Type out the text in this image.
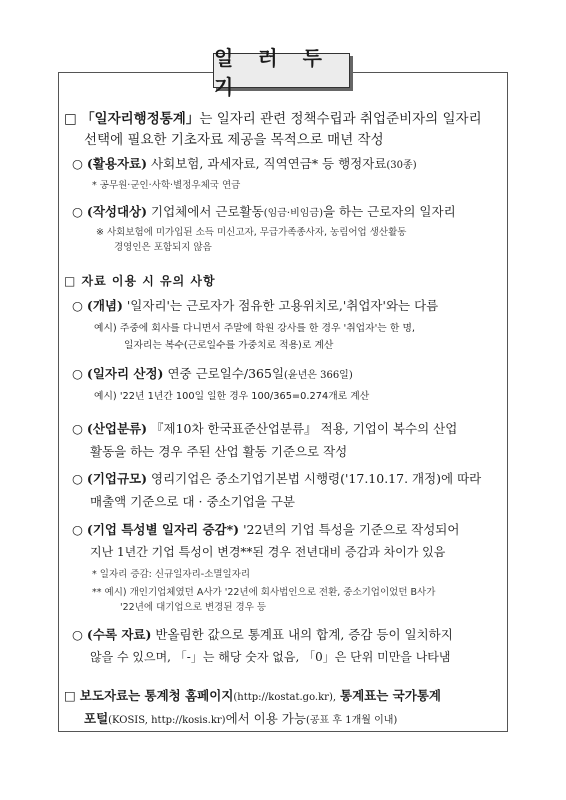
일 러 두 기
□ 「일자리행정통계」는 일자리 관련 정책수립과 취업준비자의 일자리
선택에 필요한 기초자료 제공을 목적으로 매년 작성
○ (활용자료) 사회보험, 과세자료, 직역연금* 등 행정자료(30종)
* 공무원·군인·사학·별정우체국 연금
○ (작성대상) 기업체에서 근로활동(임금·비임금)을 하는 근로자의 일자리
※ 사회보험에 미가입된 소득 미신고자, 무급가족종사자, 농림어업 생산활동
경영인은 포함되지 않음
□ 자료 이용 시 유의 사항
○ (개념) '일자리'는 근로자가 점유한 고용위치로,'취업자'와는 다름
예시) 주중에 회사를 다니면서 주말에 학원 강사를 한 경우 '취업자'는 한 명,
일자리는 복수(근로일수를 가중치로 적용)로 계산
○ (일자리 산정) 연중 근로일수/365일(윤년은 366일)
예시) '22년 1년간 100일 일한 경우 100/365=0.274개로 계산
○ (산업분류) 『제10차 한국표준산업분류』 적용, 기업이 복수의 산업
활동을 하는 경우 주된 산업 활동 기준으로 작성
○ (기업규모) 영리기업은 중소기업기본법 시행령('17.10.17. 개정)에 따라
매출액 기준으로 대 · 중소기업을 구분
○ (기업 특성별 일자리 증감*) '22년의 기업 특성을 기준으로 작성되어
지난 1년간 기업 특성이 변경**된 경우 전년대비 증감과 차이가 있음
* 일자리 증감: 신규일자리-소멸일자리
** 예시) 개인기업체였던 A사가 '22년에 회사법인으로 전환, 중소기업이었던 B사가
'22년에 대기업으로 변경된 경우 등
○ (수록 자료) 반올림한 값으로 통계표 내의 합계, 증감 등이 일치하지
않을 수 있으며, 「-」는 해당 숫자 없음, 「0」은 단위 미만을 나타냄
□ 보도자료는 통계청 홈페이지(http://kostat.go.kr), 통계표는 국가통계
포털(KOSIS, http://kosis.kr)에서 이용 가능(공표 후 1개월 이내)
